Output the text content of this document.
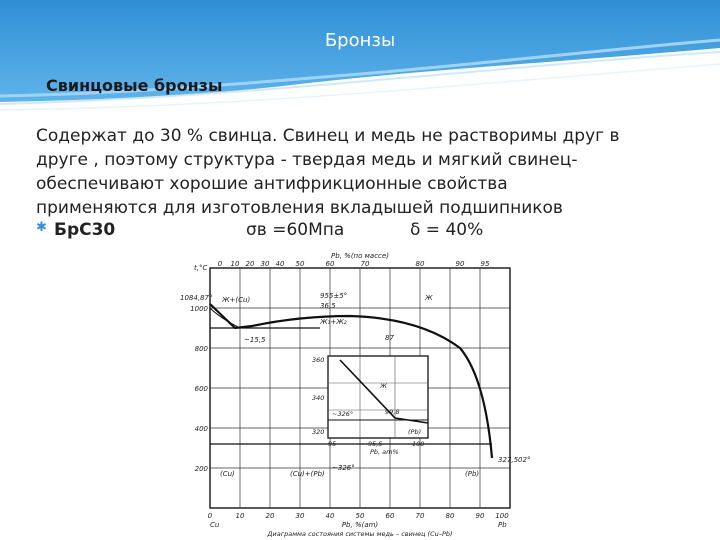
Бронзы
Свинцовые бронзы
Содержат до 30 % свинца. Свинец и медь не растворимы друг в
друге , поэтому структура - твердая медь и мягкий свинец-
обеспечивают хорошие антифрикционные свойства
применяются для изготовления вкладышей подшипников
✱ БрС30	σв =60Мпа	δ = 40%
Pb, %(по массе)
0 10 20 30 40 50	60	70	80	90 95
t,°C
1000
800
600
400
200
1084,87°
327,502°
Ж+(Cu)	Ж
Ж₁+Ж₂
(Cu)+(Pb)
(Cu)	(Pb)
955±5°
36,5
87
~15,5
~326°
360
340
320
~326°	99,8
95	95,5	100
Pb, am%
Ж
(Pb)
0	10	20	30	40	50	60	70	80	90 100
Cu	Pb, %(am)	Pb
Диаграмма состояния системы медь – свинец (Cu–Pb)
